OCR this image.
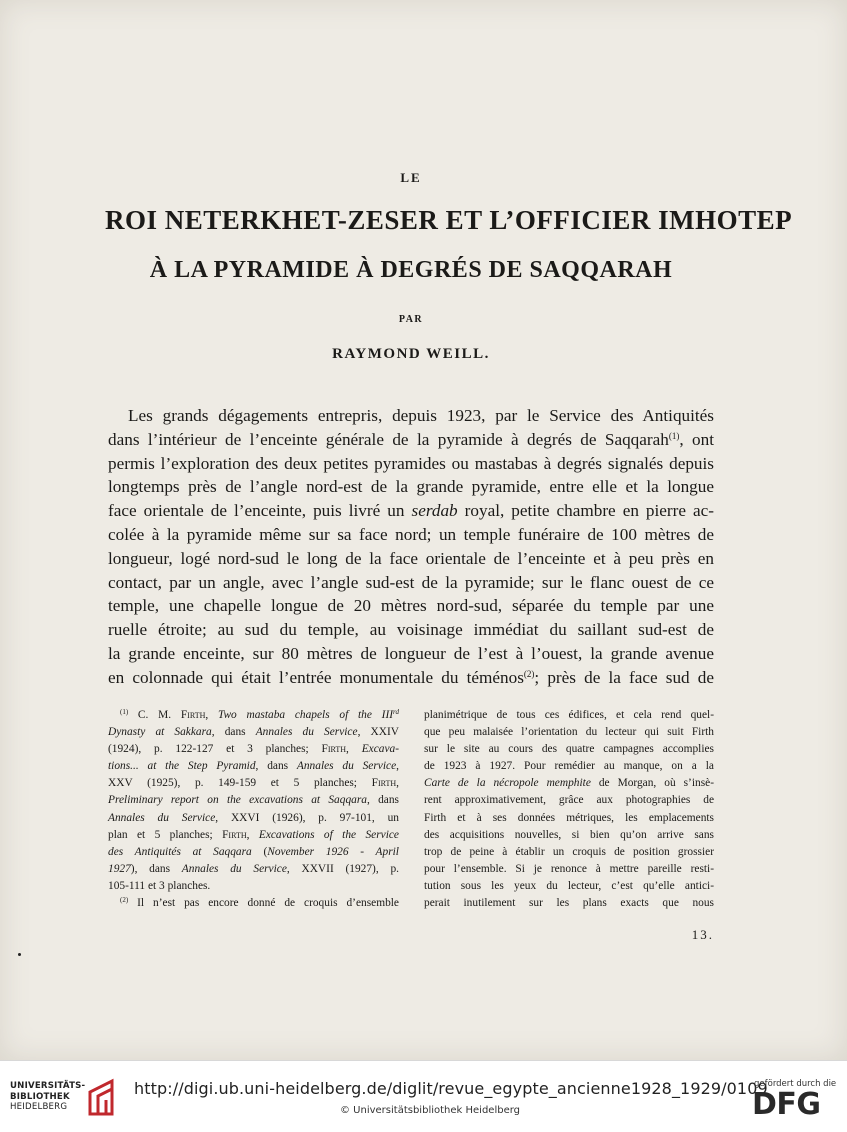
LE
ROI NETERKHET-ZESER ET L’OFFICIER IMHOTEP
À LA PYRAMIDE À DEGRÉS DE SAQQARAH
PAR
RAYMOND WEILL.
Les grands dégagements entrepris, depuis 1923, par le Service des Antiquités
dans l’intérieur de l’enceinte générale de la pyramide à degrés de Saqqarah$^{(1)}$, ont
permis l’exploration des deux petites pyramides ou mastabas à degrés signalés depuis
longtemps près de l’angle nord-est de la grande pyramide, entre elle et la longue
face orientale de l’enceinte, puis livré un serdab royal, petite chambre en pierre ac-
colée à la pyramide même sur sa face nord; un temple funéraire de 100 mètres de
longueur, logé nord-sud le long de la face orientale de l’enceinte et à peu près en
contact, par un angle, avec l’angle sud-est de la pyramide; sur le flanc ouest de ce
temple, une chapelle longue de 20 mètres nord-sud, séparée du temple par une
ruelle étroite; au sud du temple, au voisinage immédiat du saillant sud-est de
la grande enceinte, sur 80 mètres de longueur de l’est à l’ouest, la grande avenue
en colonnade qui était l’entrée monumentale du téménos$^{(2)}$; près de la face sud de
$^{(1)}$ C. M. Firth, Two mastaba chapels of the IIIrd
Dynasty at Sakkara, dans Annales du Service, XXIV
(1924), p. 122-127 et 3 planches; Firth, Excava-
tions... at the Step Pyramid, dans Annales du Service,
XXV (1925), p. 149-159 et 5 planches; Firth,
Preliminary report on the excavations at Saqqara, dans
Annales du Service, XXVI (1926), p. 97-101, un
plan et 5 planches; Firth, Excavations of the Service
des Antiquités at Saqqara (November 1926 - April
1927), dans Annales du Service, XXVII (1927), p.
105-111 et 3 planches.
$^{(2)}$ Il n’est pas encore donné de croquis d’ensemble
planimétrique de tous ces édifices, et cela rend quel-
que peu malaisée l’orientation du lecteur qui suit Firth
sur le site au cours des quatre campagnes accomplies
de 1923 à 1927. Pour remédier au manque, on a la
Carte de la nécropole memphite de Morgan, où s’insè-
rent approximativement, grâce aux photographies de
Firth et à ses données métriques, les emplacements
des acquisitions nouvelles, si bien qu’on arrive sans
trop de peine à établir un croquis de position grossier
pour l’ensemble. Si je renonce à mettre pareille resti-
tution sous les yeux du lecteur, c’est qu’elle antici-
perait inutilement sur les plans exacts que nous
13.
UNIVERSITÄTS-
BIBLIOTHEK
HEIDELBERG
http://digi.ub.uni-heidelberg.de/diglit/revue_egypte_ancienne1928_1929/0109
© Universitätsbibliothek Heidelberg
gefördert durch die
DFG
